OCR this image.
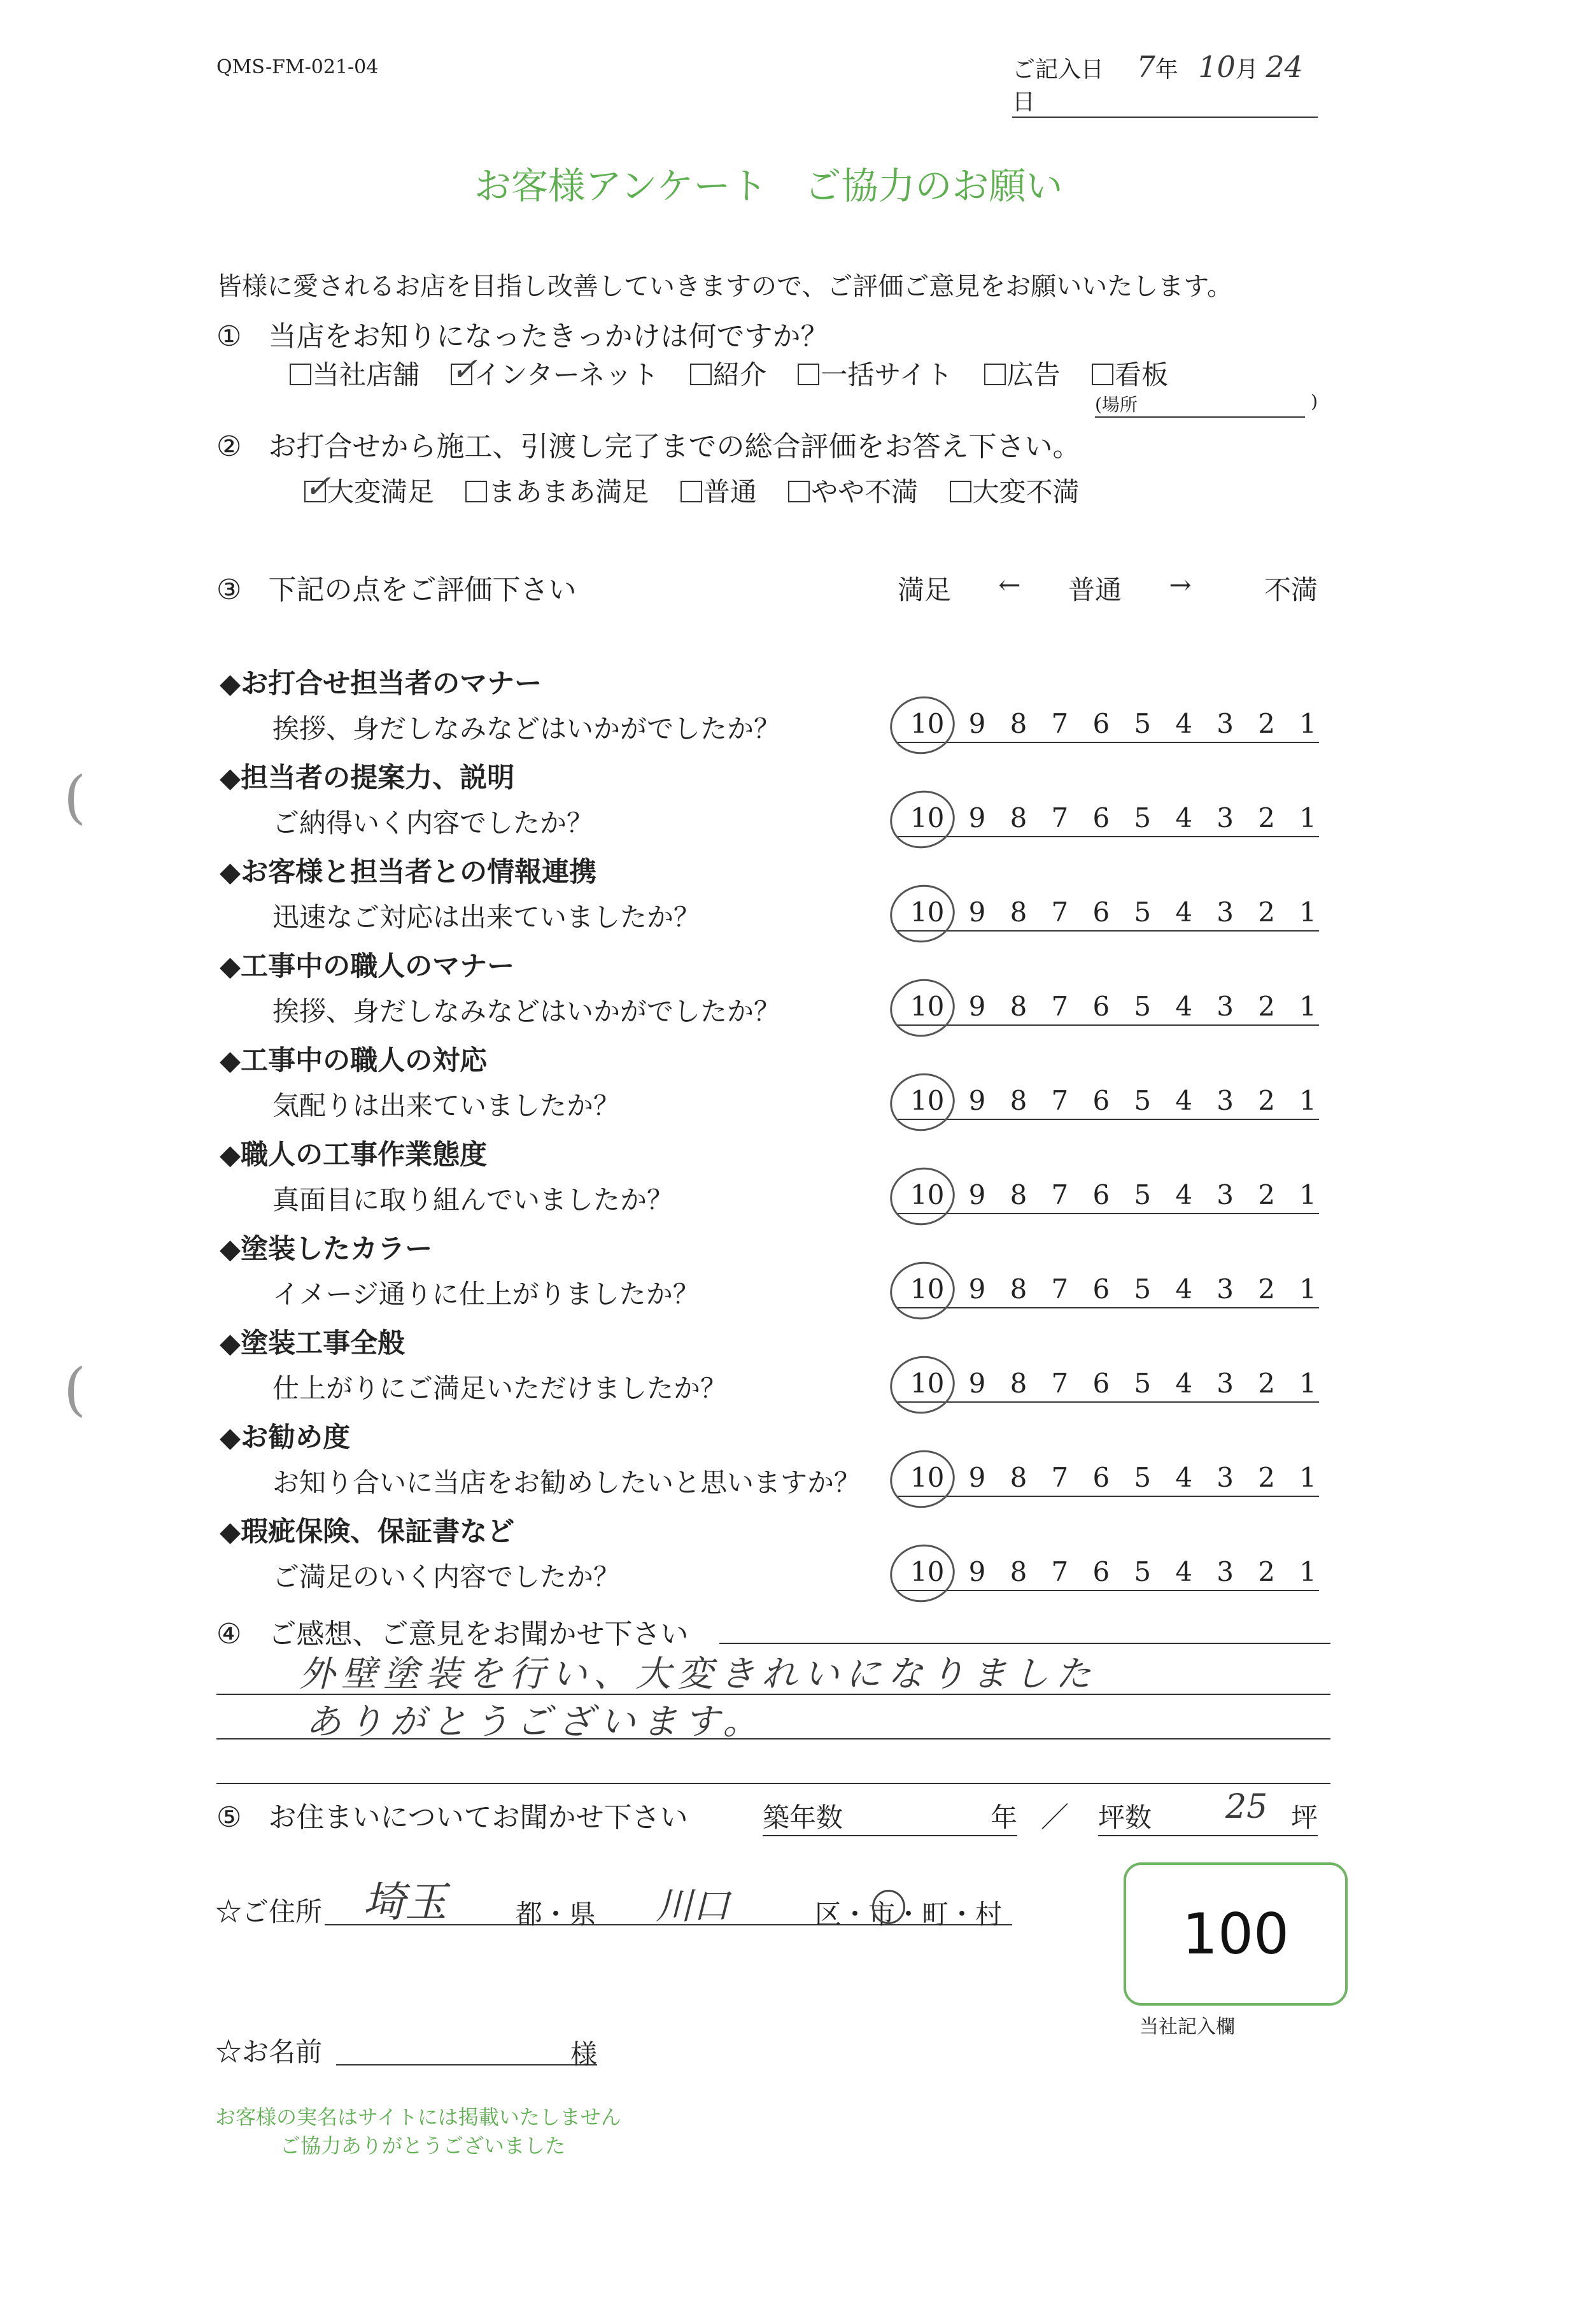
QMS-FM-021-04	ご記入日 7年 10月 24日
お客様アンケート　ご協力のお願い
皆様に愛されるお店を目指し改善していきますので、ご評価ご意見をお願いいたします。
① 当店をお知りになったきっかけは何ですか？
当社店舗 ✓ インターネット 紹介 一括サイト 広告 看板
(場所	)
② お打合せから施工、引渡し完了までの総合評価をお答え下さい。
✓大変満足 まあまあ満足 普通 やや不満 大変不満
③ 下記の点をご評価下さい	満足 ← 普通 →	不満
◆お打合せ担当者のマナー
挨拶、身だしなみなどはいかがでしたか？	10 9 8 7 6 5 4 3 2 1
◆担当者の提案力、説明
ご納得いく内容でしたか？	10 9 8 7 6 5 4 3 2 1
◆お客様と担当者との情報連携
迅速なご対応は出来ていましたか？	10 9 8 7 6 5 4 3 2 1
◆工事中の職人のマナー
挨拶、身だしなみなどはいかがでしたか？	10 9 8 7 6 5 4 3 2 1
◆工事中の職人の対応
気配りは出来ていましたか？	10 9 8 7 6 5 4 3 2 1
◆職人の工事作業態度
真面目に取り組んでいましたか？	10 9 8 7 6 5 4 3 2 1
◆塗装したカラー
イメージ通りに仕上がりましたか？	10 9 8 7 6 5 4 3 2 1
◆塗装工事全般
仕上がりにご満足いただけましたか？	10 9 8 7 6 5 4 3 2 1
◆お勧め度
お知り合いに当店をお勧めしたいと思いますか？ 10 9 8 7 6 5 4 3 2 1
◆瑕疵保険、保証書など
ご満足のいく内容でしたか？	10 9 8 7 6 5 4 3 2 1
④ ご感想、ご意見をお聞かせ下さい
外壁塗装を行い、大変きれいになりました
ありがとうございます。
⑤ お住まいについてお聞かせ下さい	築年数	年 ／ 坪数 25 坪
☆ご住所 埼玉	都・県 川口	区・市・町・村	100
当社記入欄
☆お名前	様
お客様の実名はサイトには掲載いたしません
ご協力ありがとうございました
(
(
